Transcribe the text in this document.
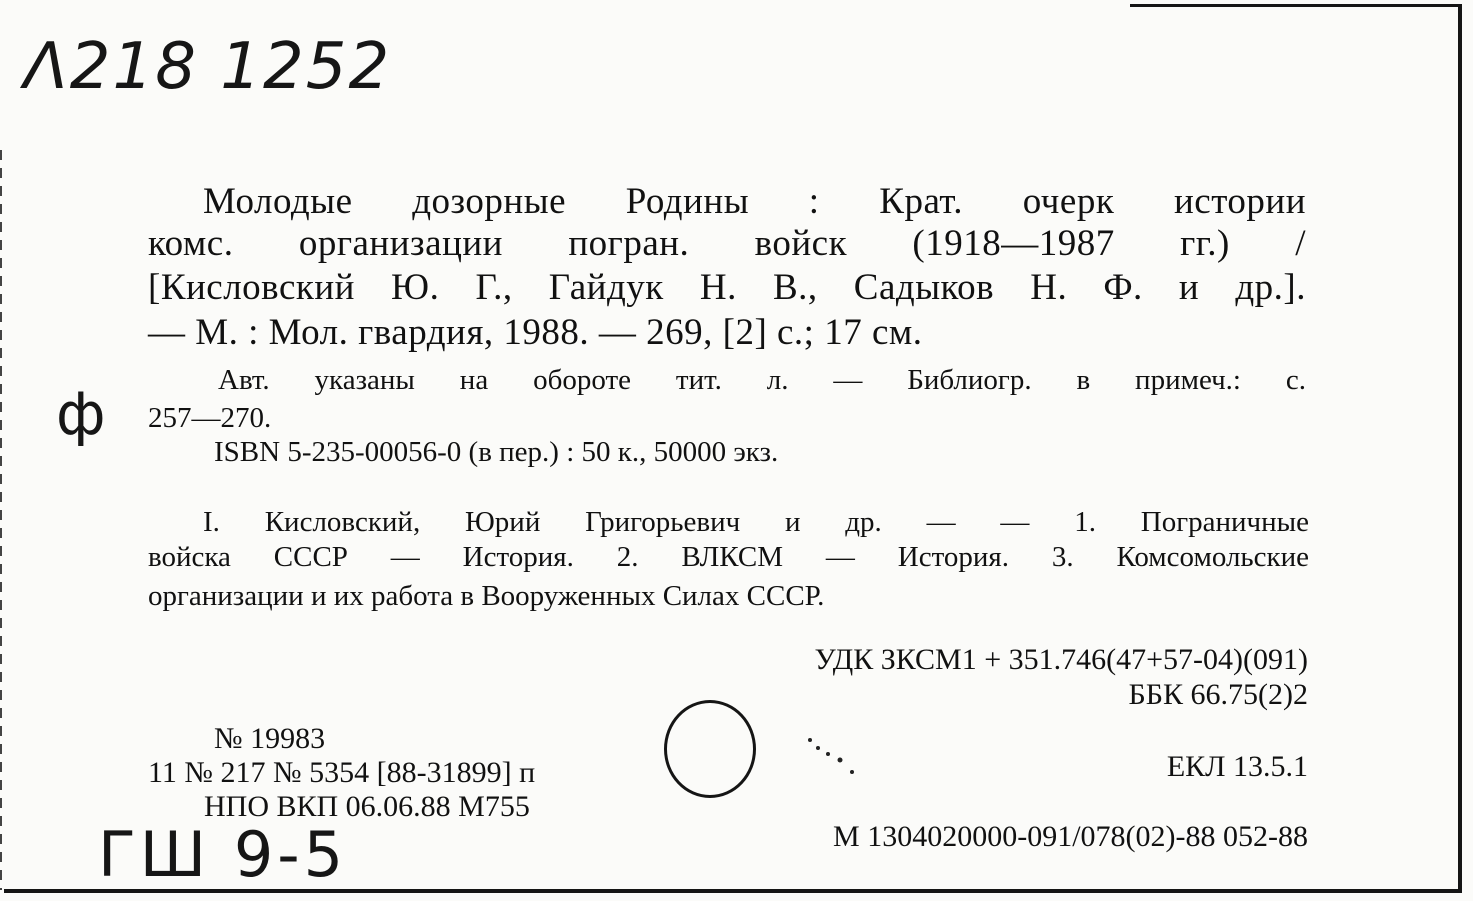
Λ218 1252
ф
ГШ 9-5
Молодые дозорные Родины : Крат. очерк истории
комс. организации погран. войск (1918—1987 гг.) /
[Кисловский Ю. Г., Гайдук Н. В., Садыков Н. Ф. и др.].
— М. : Мол. гвардия, 1988. — 269, [2] с.; 17 см.
Авт. указаны на обороте тит. л. — Библиогр. в примеч.: с.
257—270.
ISBN 5-235-00056-0 (в пер.) : 50 к., 50000 экз.
I. Кисловский, Юрий Григорьевич и др. — — 1. Пограничные
войска СССР — История. 2. ВЛКСМ — История. 3. Комсомольские
организации и их работа в Вооруженных Силах СССР.
УДК ЗКСМ1 + 351.746(47+57-04)(091)
ББК 66.75(2)2
ЕКЛ 13.5.1
М 1304020000-091/078(02)-88 052-88
№ 19983
11 № 217 № 5354 [88-31899] п
НПО ВКП 06.06.88 М755
